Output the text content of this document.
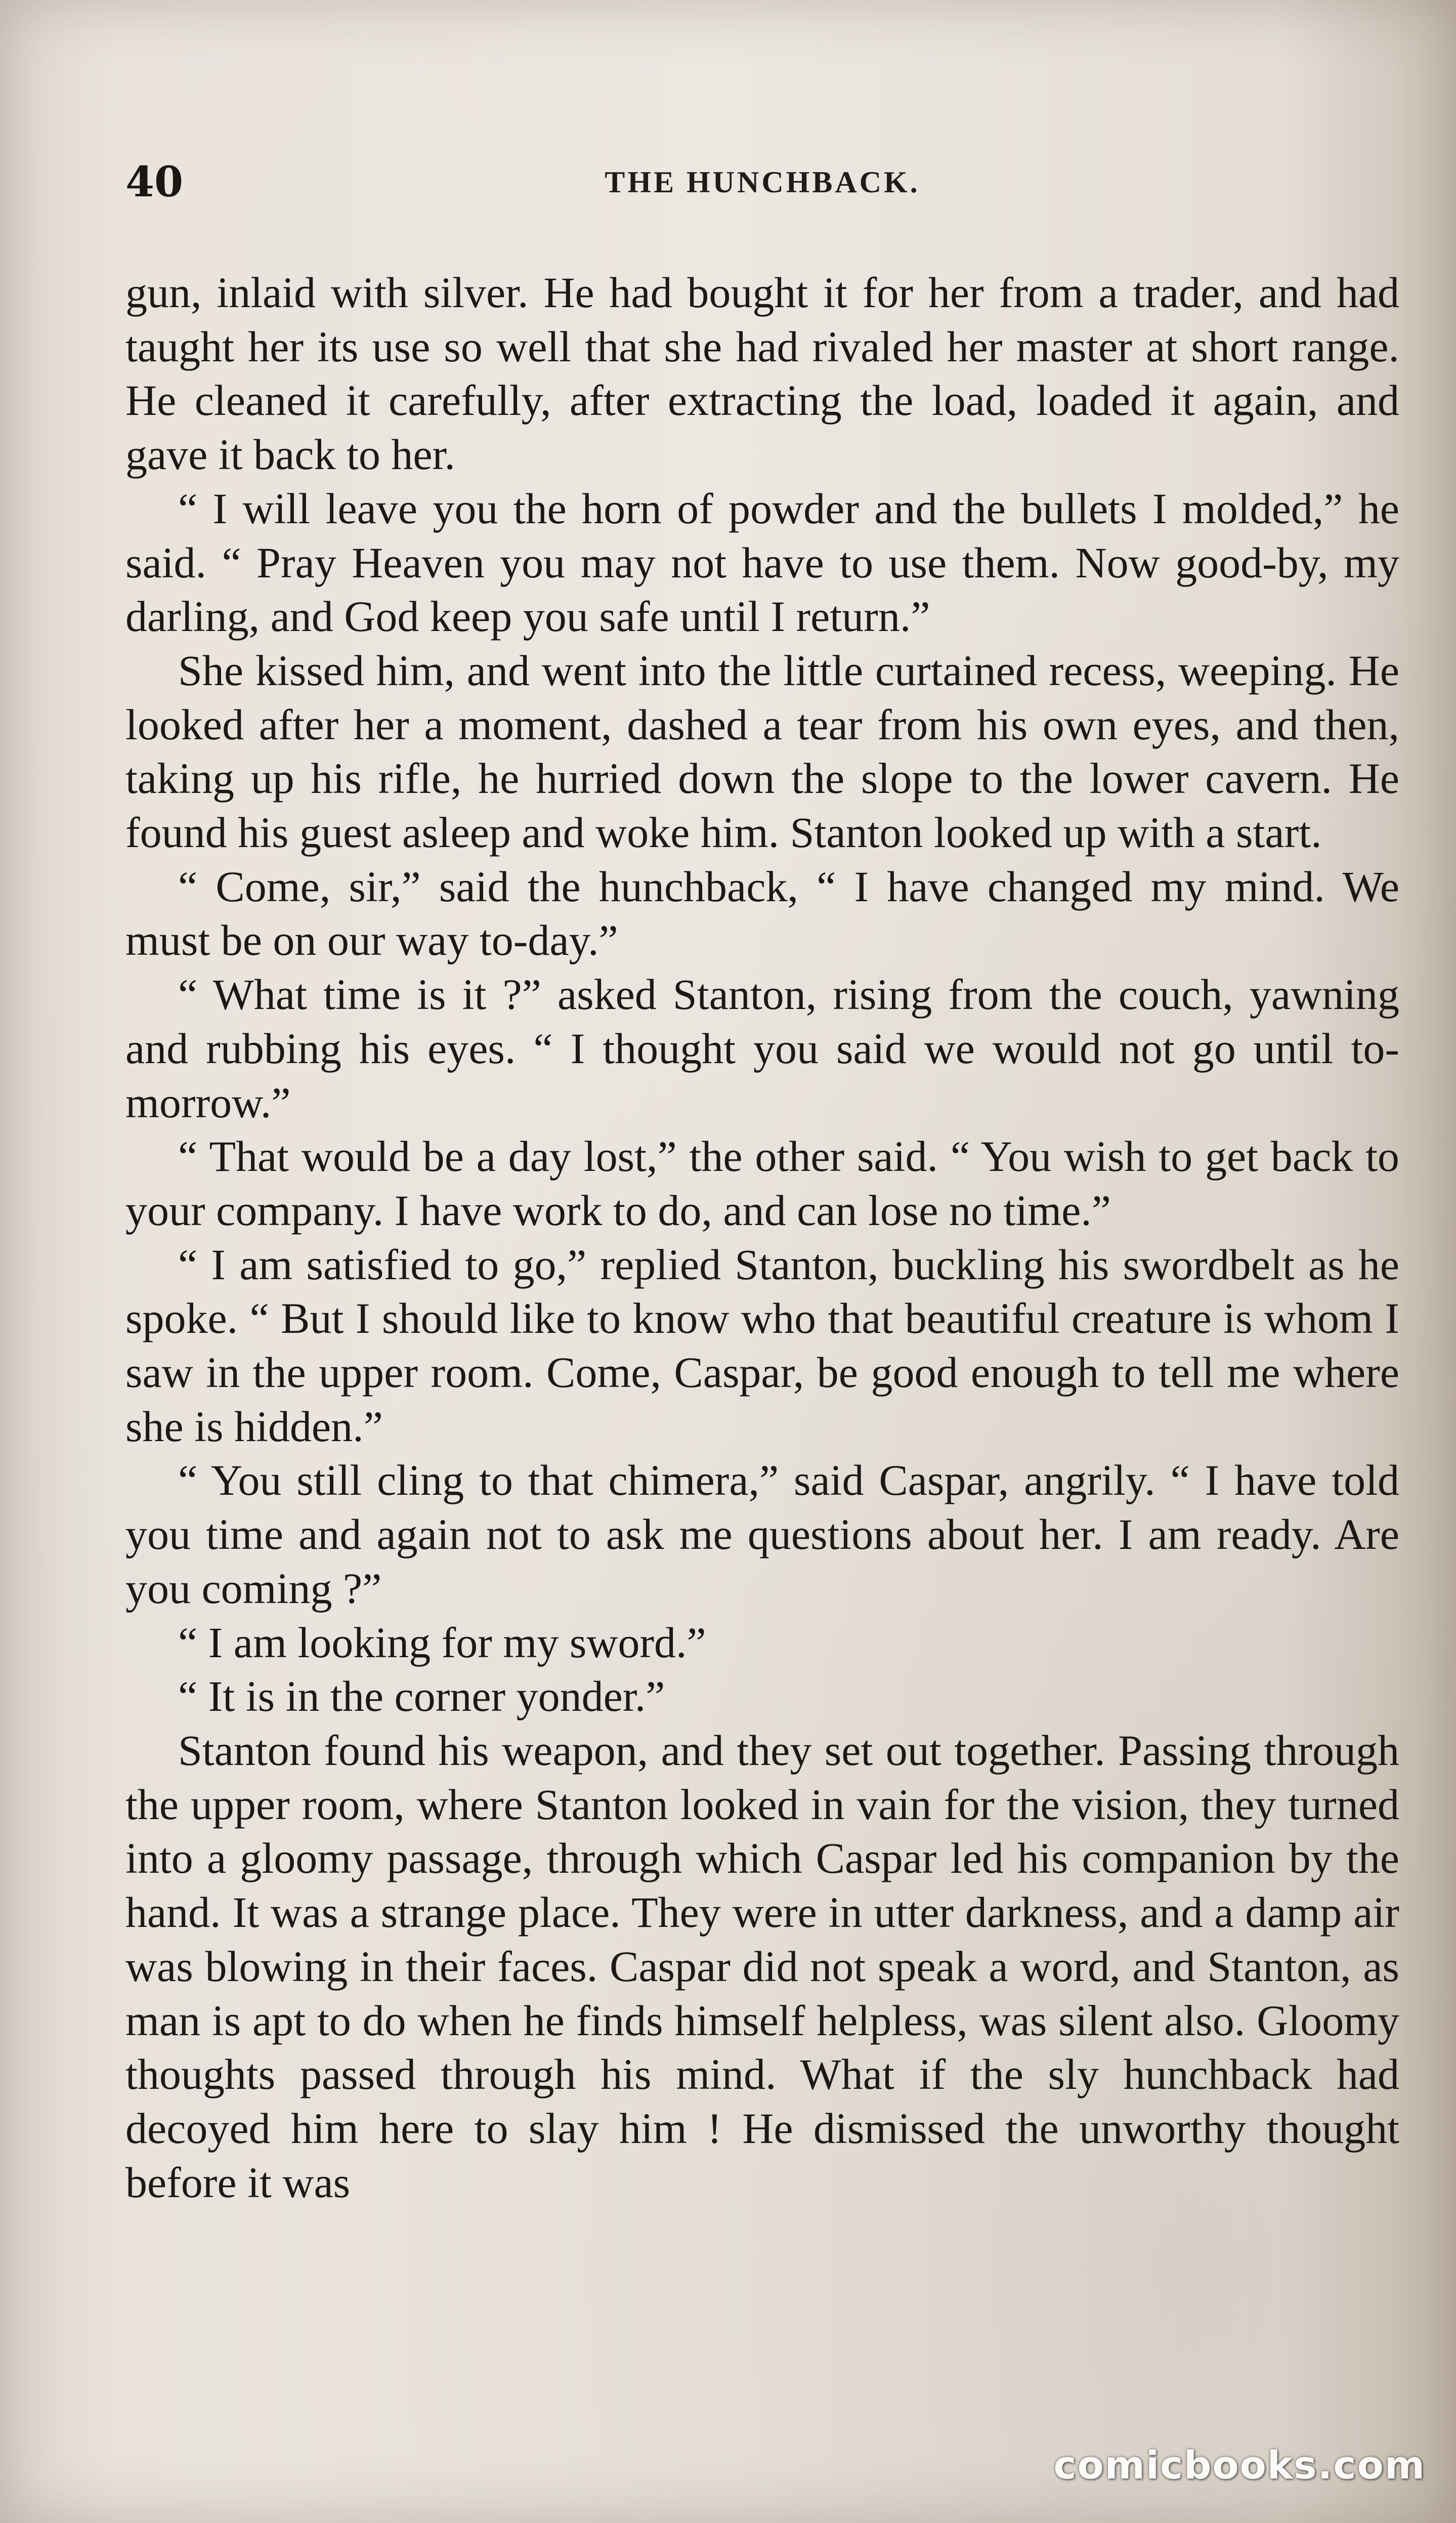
40	THE HUNCHBACK.

gun, inlaid with silver. He had bought it for her from a trader, and had taught her its use so well that she had rivaled her master at short range. He cleaned it carefully, after extracting the load, loaded it again, and gave it back to her.

“ I will leave you the horn of powder and the bullets I molded,” he said. “ Pray Heaven you may not have to use them. Now good-by, my darling, and God keep you safe until I return.”

She kissed him, and went into the little curtained recess, weeping. He looked after her a moment, dashed a tear from his own eyes, and then, taking up his rifle, he hurried down the slope to the lower cavern. He found his guest asleep and woke him. Stanton looked up with a start.

“ Come, sir,” said the hunchback, “ I have changed my mind. We must be on our way to-day.”

“ What time is it ?” asked Stanton, rising from the couch, yawning and rubbing his eyes. “ I thought you said we would not go until to-morrow.”

“ That would be a day lost,” the other said. “ You wish to get back to your company. I have work to do, and can lose no time.”

“ I am satisfied to go,” replied Stanton, buckling his swordbelt as he spoke. “ But I should like to know who that beautiful creature is whom I saw in the upper room. Come, Caspar, be good enough to tell me where she is hidden.”

“ You still cling to that chimera,” said Caspar, angrily. “ I have told you time and again not to ask me questions about her. I am ready. Are you coming ?”

“ I am looking for my sword.”

“ It is in the corner yonder.”

Stanton found his weapon, and they set out together. Passing through the upper room, where Stanton looked in vain for the vision, they turned into a gloomy passage, through which Caspar led his companion by the hand. It was a strange place. They were in utter darkness, and a damp air was blowing in their faces. Caspar did not speak a word, and Stanton, as man is apt to do when he finds himself helpless, was silent also. Gloomy thoughts passed through his mind. What if the sly hunchback had decoyed him here to slay him ! He dismissed the unworthy thought before it was

comicbooks.com
